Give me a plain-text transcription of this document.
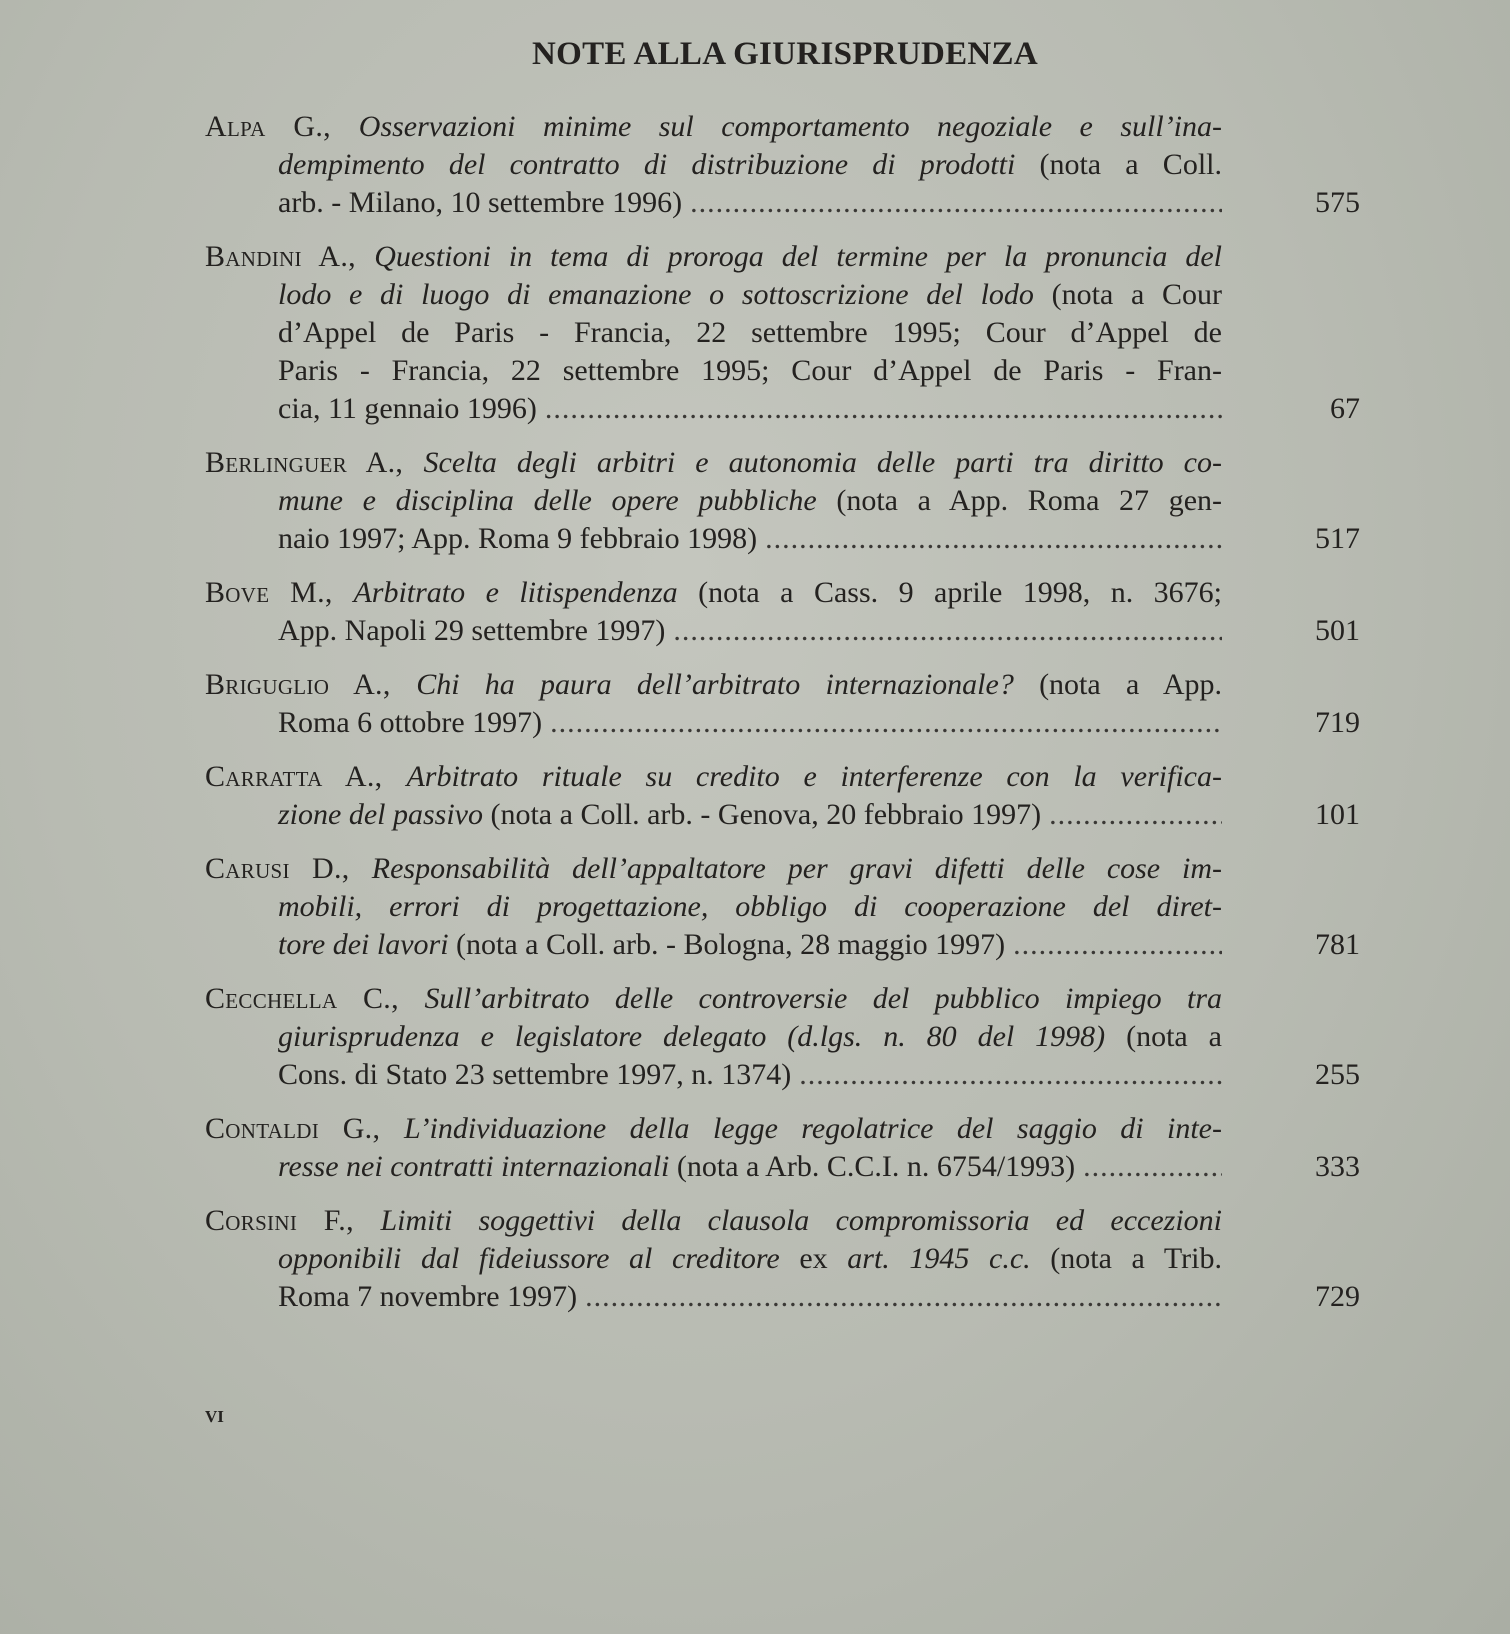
NOTE ALLA GIURISPRUDENZA
Alpa G., Osservazioni minime sul comportamento negoziale e sull’ina-
dempimento del contratto di distribuzione di prodotti (nota a Coll.
arb. - Milano, 10 settembre 1996) .....	575
Bandini A., Questioni in tema di proroga del termine per la pronuncia del
lodo e di luogo di emanazione o sottoscrizione del lodo (nota a Cour
d’Appel de Paris - Francia, 22 settembre 1995; Cour d’Appel de
Paris - Francia, 22 settembre 1995; Cour d’Appel de Paris - Fran-
cia, 11 gennaio 1996) .....	67
Berlinguer A., Scelta degli arbitri e autonomia delle parti tra diritto co-
mune e disciplina delle opere pubbliche (nota a App. Roma 27 gen-
naio 1997; App. Roma 9 febbraio 1998) .....	517
Bove M., Arbitrato e litispendenza (nota a Cass. 9 aprile 1998, n. 3676;
App. Napoli 29 settembre 1997) .....	501
Briguglio A., Chi ha paura dell’arbitrato internazionale? (nota a App.
Roma 6 ottobre 1997) .....	719
Carratta A., Arbitrato rituale su credito e interferenze con la verifica-
zione del passivo (nota a Coll. arb. - Genova, 20 febbraio 1997) .....	101
Carusi D., Responsabilità dell’appaltatore per gravi difetti delle cose im-
mobili, errori di progettazione, obbligo di cooperazione del diret-
tore dei lavori (nota a Coll. arb. - Bologna, 28 maggio 1997) .....	781
Cecchella C., Sull’arbitrato delle controversie del pubblico impiego tra
giurisprudenza e legislatore delegato (d.lgs. n. 80 del 1998) (nota a
Cons. di Stato 23 settembre 1997, n. 1374) .....	255
Contaldi G., L’individuazione della legge regolatrice del saggio di inte-
resse nei contratti internazionali (nota a Arb. C.C.I. n. 6754/1993) .....	333
Corsini F., Limiti soggettivi della clausola compromissoria ed eccezioni
opponibili dal fideiussore al creditore ex art. 1945 c.c. (nota a Trib.
Roma 7 novembre 1997) .....	729
vi
